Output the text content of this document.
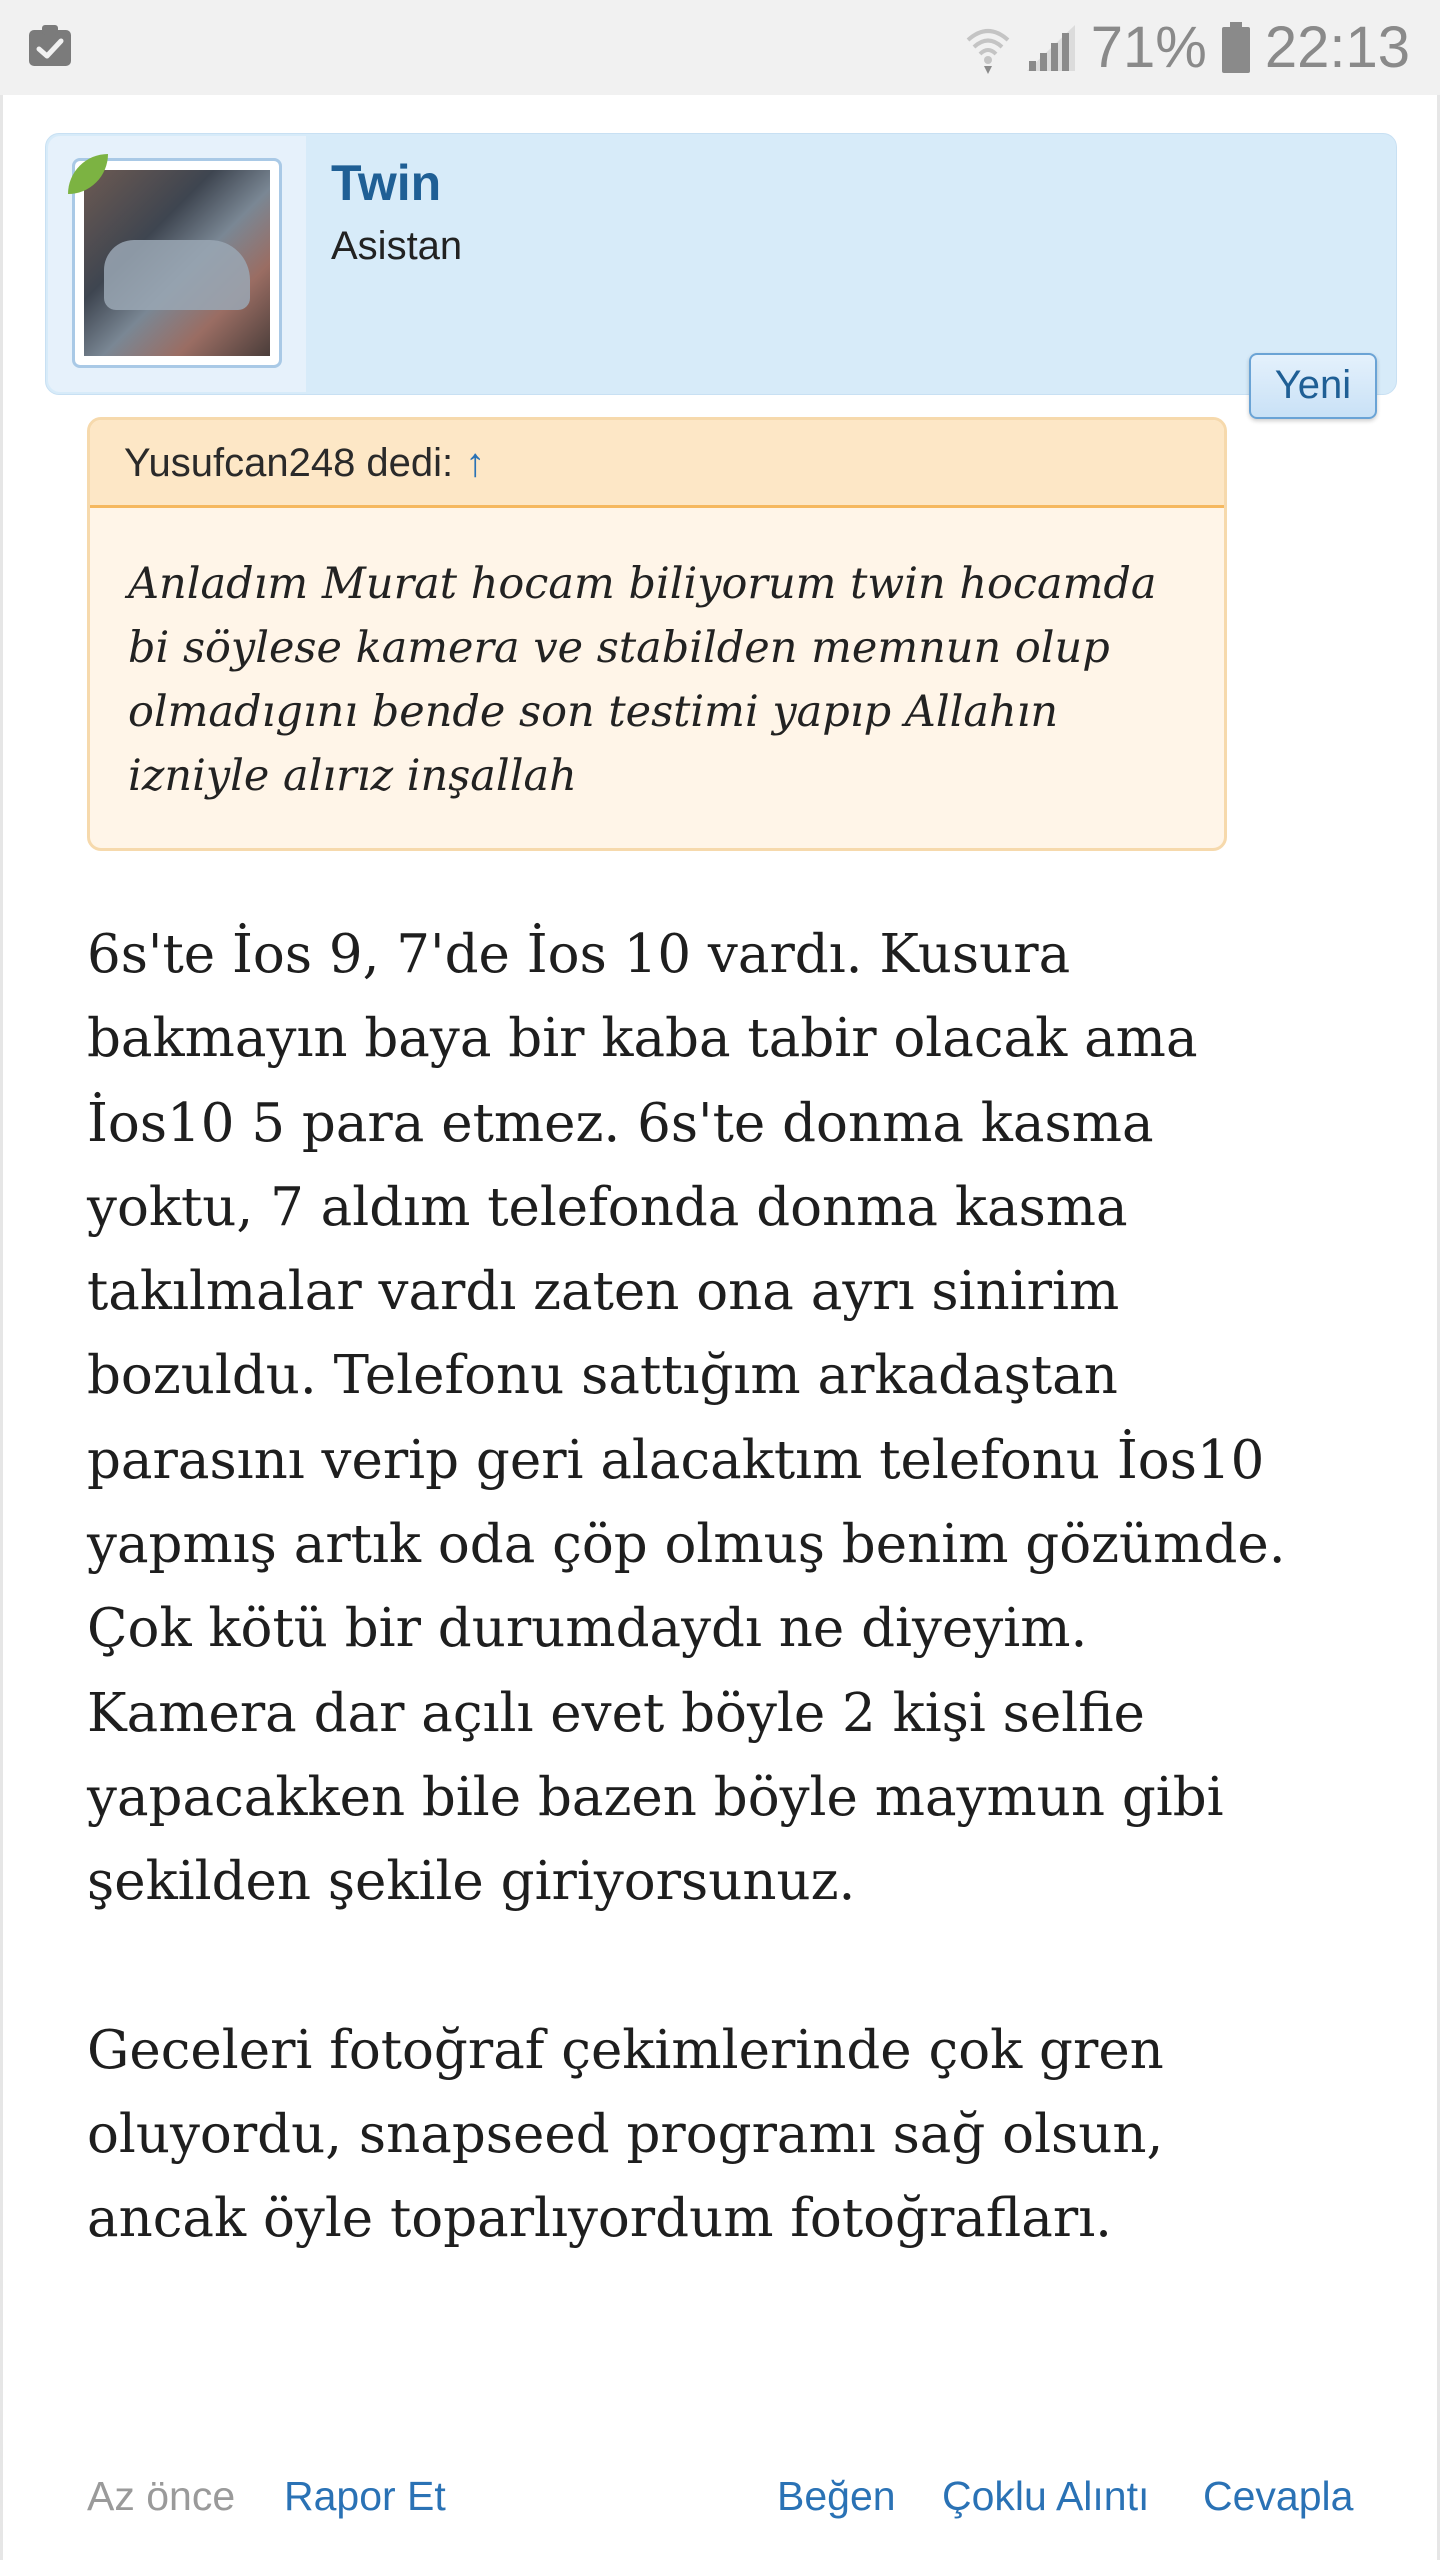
71% 22:13
Twin
Asistan
Yeni
Yusufcan248 dedi: ↑
Anladım Murat hocam biliyorum twin hocamda bi söylese kamera ve stabilden memnun olup olmadıgını bende son testimi yapıp Allahın izniyle alırız inşallah

6s'te İos 9, 7'de İos 10 vardı. Kusura bakmayın baya bir kaba tabir olacak ama İos10 5 para etmez. 6s'te donma kasma yoktu, 7 aldım telefonda donma kasma takılmalar vardı zaten ona ayrı sinirim bozuldu. Telefonu sattığım arkadaştan parasını verip geri alacaktım telefonu İos10 yapmış artık oda çöp olmuş benim gözümde. Çok kötü bir durumdaydı ne diyeyim. Kamera dar açılı evet böyle 2 kişi selfie yapacakken bile bazen böyle maymun gibi şekilden şekile giriyorsunuz.

Geceleri fotoğraf çekimlerinde çok gren oluyordu, snapseed programı sağ olsun, ancak öyle toparlıyordum fotoğrafları.

Az önce Rapor Et	Beğen Çoklu Alıntı Cevapla
